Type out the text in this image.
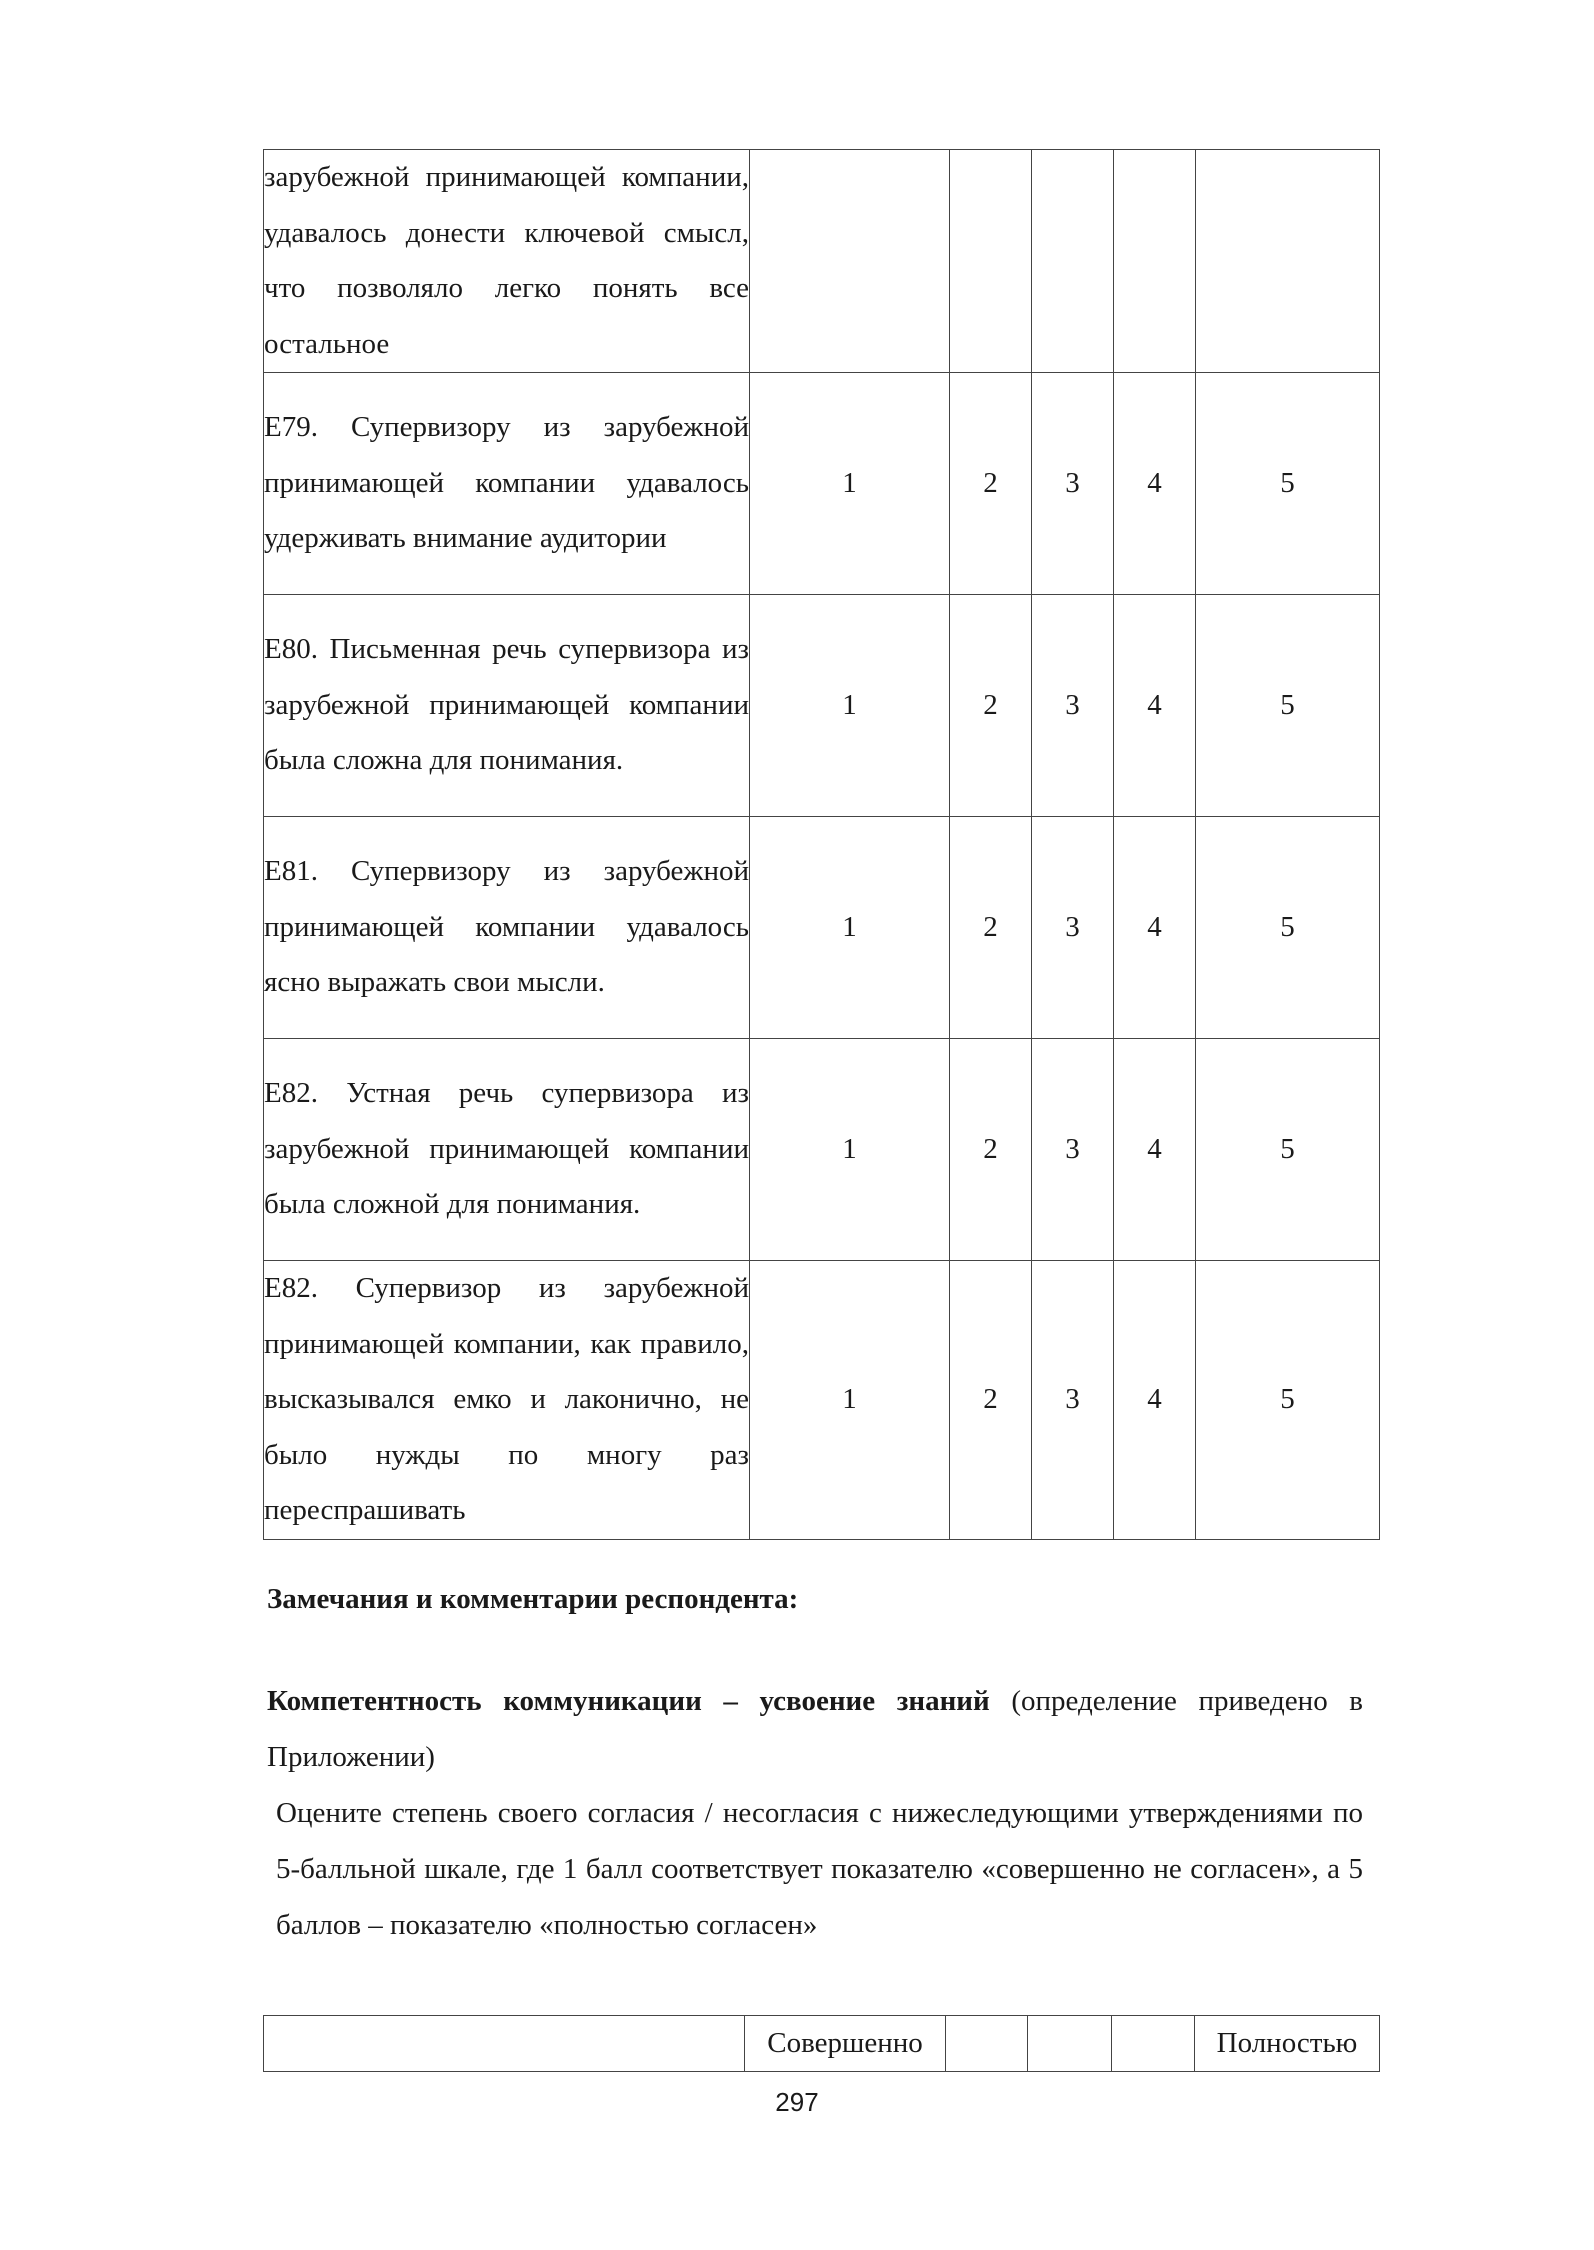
зарубежной принимающей компании, удавалось донести ключевой смысл, что позволяло легко понять все остальное					

E79. Супервизору из зарубежной принимающей компании удавалось удерживать внимание аудитории	1	2	3	4	5

E80. Письменная речь супервизора из зарубежной принимающей компании была сложна для понимания.	1	2	3	4	5

E81. Супервизору из зарубежной принимающей компании удавалось ясно выражать свои мысли.	1	2	3	4	5

E82. Устная речь супервизора из зарубежной принимающей компании была сложной для понимания.	1	2	3	4	5

E82. Супервизор из зарубежной принимающей компании, как правило, высказывался емко и лаконично, не было нужды по многу раз переспрашивать	1	2	3	4	5
Замечания и комментарии респондента:
Компетентность коммуникации – усвоение знаний (определение приведено в Приложении)
Оцените степень своего согласия / несогласия с нижеследующими утверждениями по 5-балльной шкале, где 1 балл соответствует показателю «совершенно не согласен», а 5 баллов – показателю «полностью согласен»
	Совершенно				Полностью
297
